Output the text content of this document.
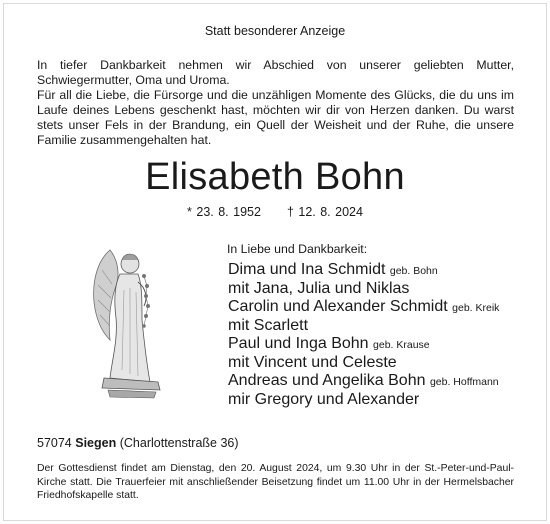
Statt besonderer Anzeige

In tiefer Dankbarkeit nehmen wir Abschied von unserer geliebten Mutter, Schwiegermutter, Oma und Uroma.

Für all die Liebe, die Fürsorge und die unzähligen Momente des Glücks, die du uns im Laufe deines Lebens geschenkt hast, möchten wir dir von Herzen danken. Du warst stets unser Fels in der Brandung, ein Quell der Weisheit und der Ruhe, die unsere Familie zusammengehalten hat.

Elisabeth Bohn
* 23. 8. 1952 † 12. 8. 2024
In Liebe und Dankbarkeit:
Dima und Ina Schmidt geb. Bohn
mit Jana, Julia und Niklas
Carolin und Alexander Schmidt geb. Kreik
mit Scarlett
Paul und Inga Bohn geb. Krause
mit Vincent und Celeste
Andreas und Angelika Bohn geb. Hoffmann
mir Gregory und Alexander
57074 Siegen (Charlottenstraße 36)
Der Gottesdienst findet am Dienstag, den 20. August 2024, um 9.30 Uhr in der St.-Peter-und-Paul-Kirche statt. Die Trauerfeier mit anschließender Beisetzung findet um 11.00 Uhr in der Hermelsbacher Friedhofskapelle statt.
